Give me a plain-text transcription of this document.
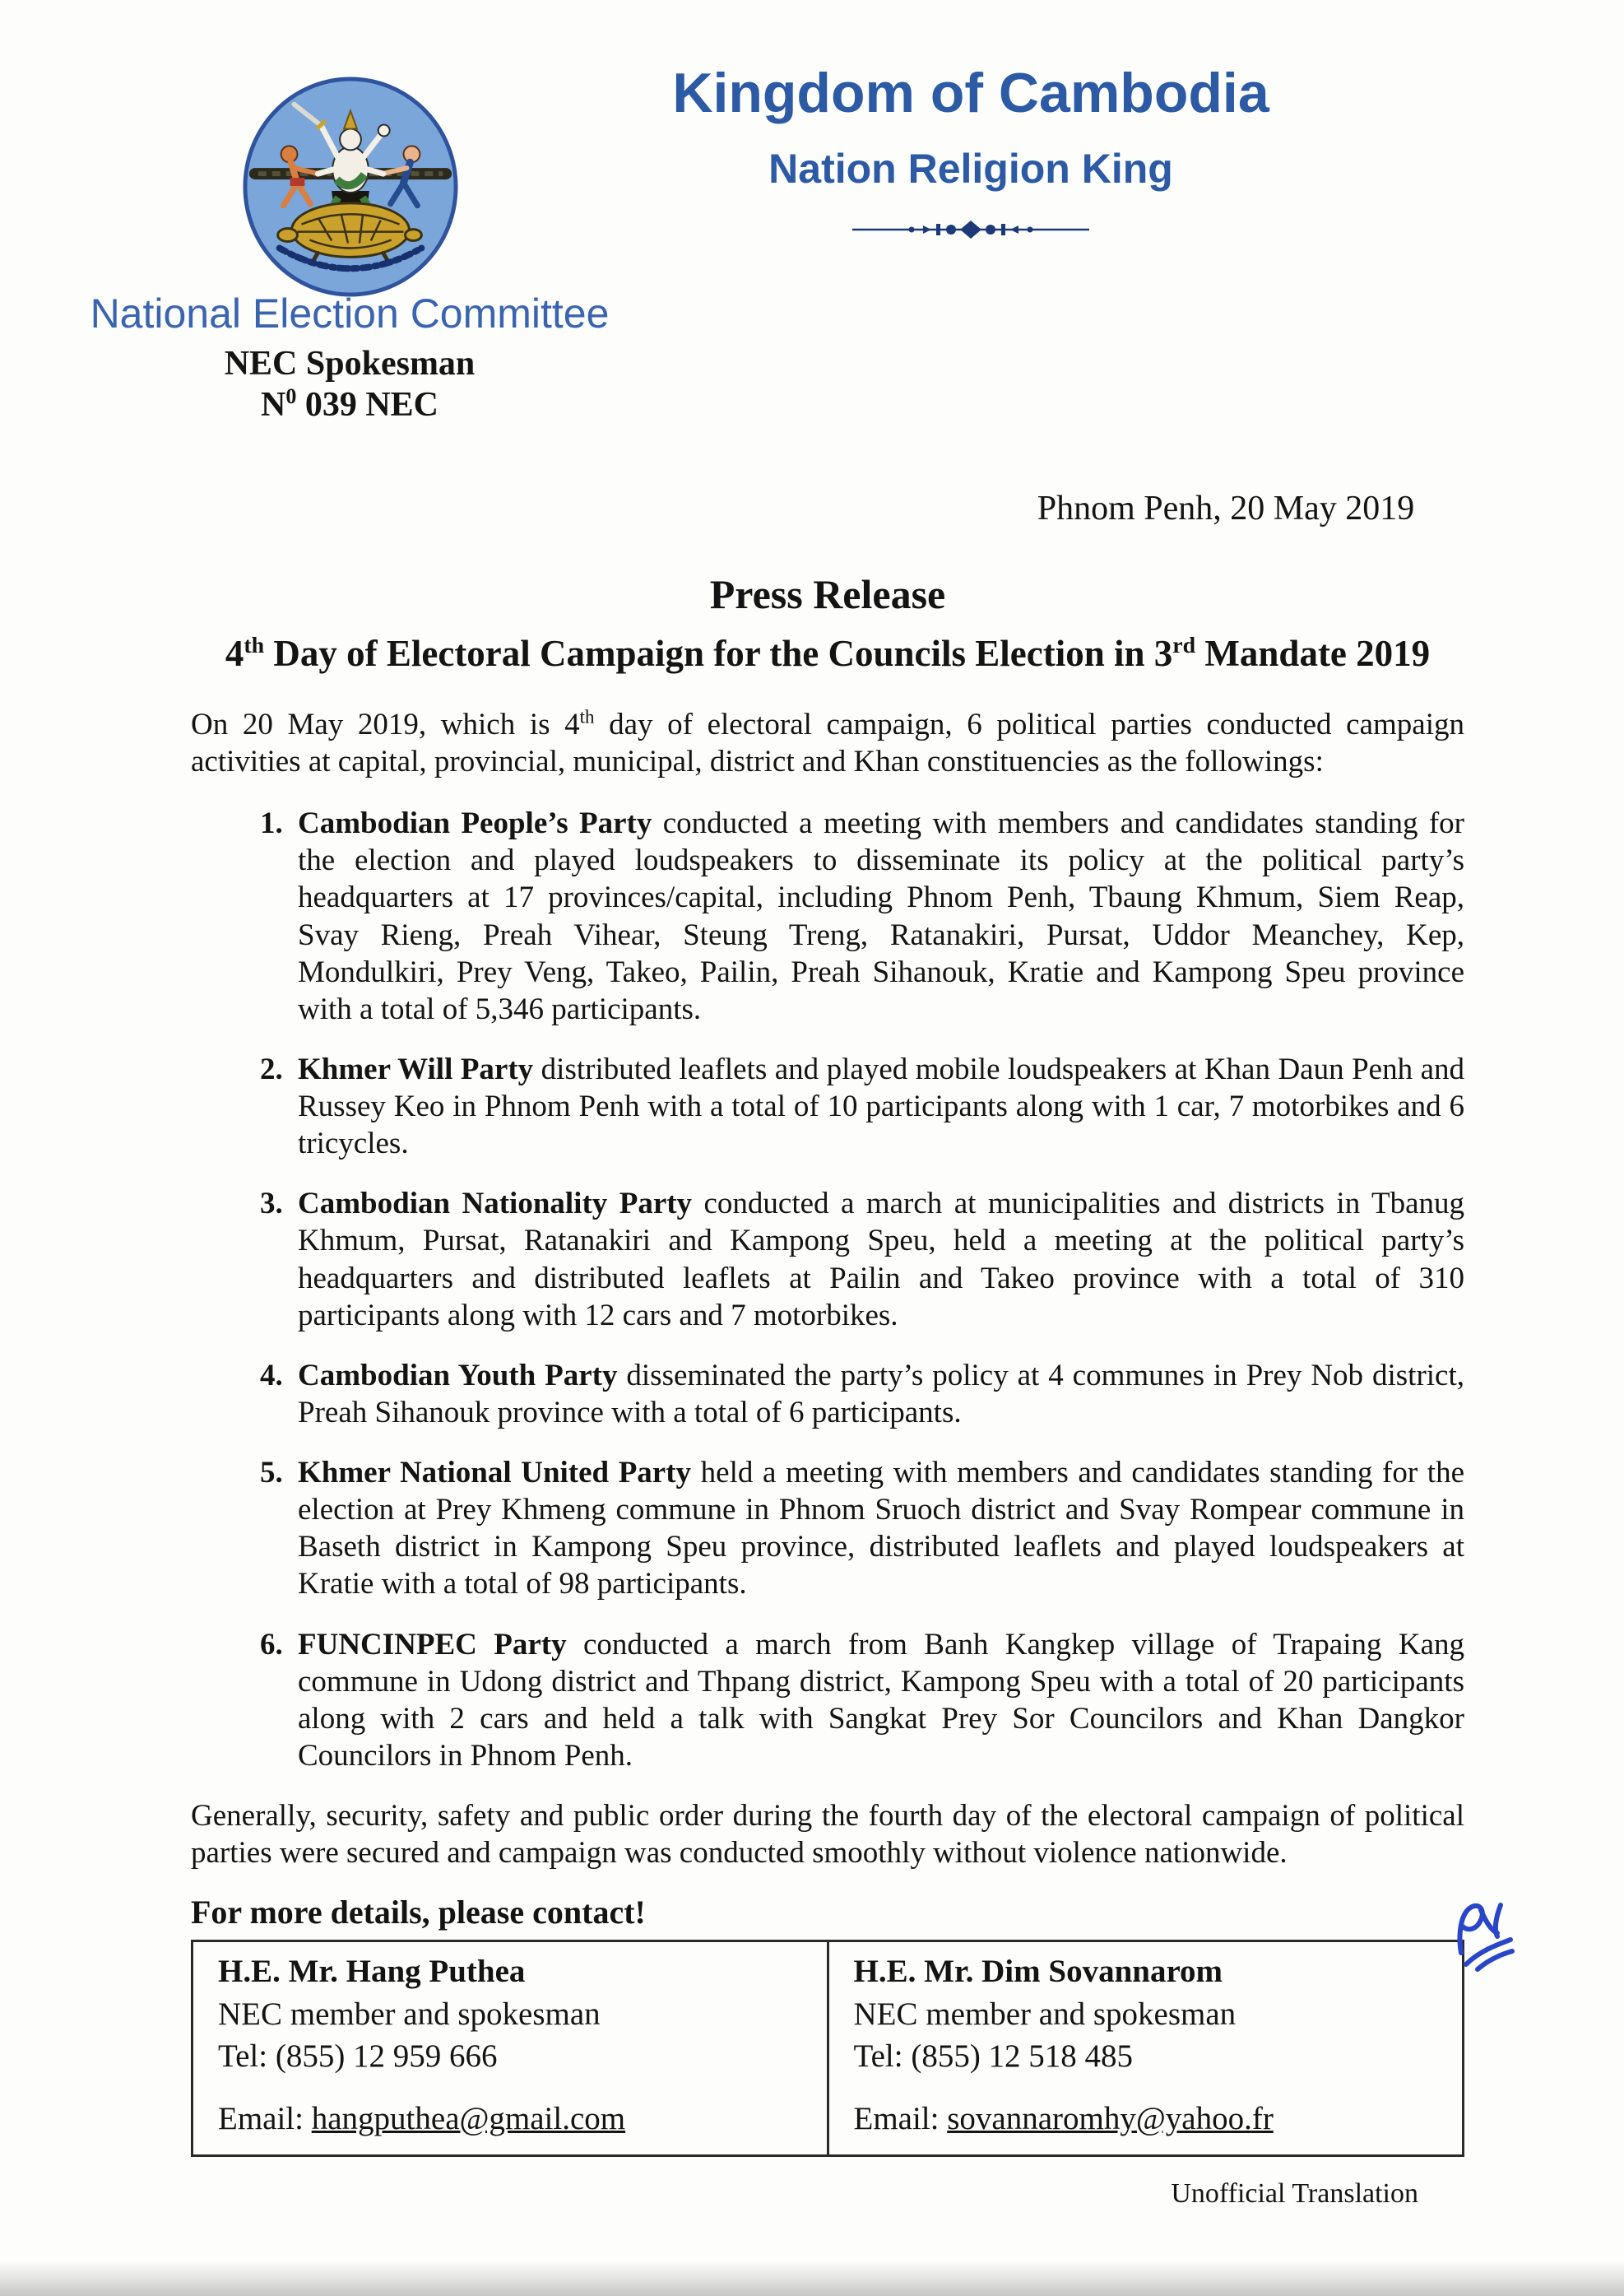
Kingdom of Cambodia
Nation Religion King
National Election Committee
NEC Spokesman
$N^0$ 039 NEC
Phnom Penh, 20 May 2019
Press Release
4th Day of Electoral Campaign for the Councils Election in 3rd Mandate 2019

On 20 May 2019, which is 4th day of electoral campaign, 6 political parties conducted campaign activities at capital, provincial, municipal, district and Khan constituencies as the followings:

1. Cambodian People’s Party conducted a meeting with members and candidates standing for the election and played loudspeakers to disseminate its policy at the political party’s headquarters at 17 provinces/capital, including Phnom Penh, Tbaung Khmum, Siem Reap, Svay Rieng, Preah Vihear, Steung Treng, Ratanakiri, Pursat, Uddor Meanchey, Kep, Mondulkiri, Prey Veng, Takeo, Pailin, Preah Sihanouk, Kratie and Kampong Speu province with a total of 5,346 participants.
2. Khmer Will Party distributed leaflets and played mobile loudspeakers at Khan Daun Penh and Russey Keo in Phnom Penh with a total of 10 participants along with 1 car, 7 motorbikes and 6 tricycles.
3. Cambodian Nationality Party conducted a march at municipalities and districts in Tbanug Khmum, Pursat, Ratanakiri and Kampong Speu, held a meeting at the political party’s headquarters and distributed leaflets at Pailin and Takeo province with a total of 310 participants along with 12 cars and 7 motorbikes.
4. Cambodian Youth Party disseminated the party’s policy at 4 communes in Prey Nob district, Preah Sihanouk province with a total of 6 participants.
5. Khmer National United Party held a meeting with members and candidates standing for the election at Prey Khmeng commune in Phnom Sruoch district and Svay Rompear commune in Baseth district in Kampong Speu province, distributed leaflets and played loudspeakers at Kratie with a total of 98 participants.
6. FUNCINPEC Party conducted a march from Banh Kangkep village of Trapaing Kang commune in Udong district and Thpang district, Kampong Speu with a total of 20 participants along with 2 cars and held a talk with Sangkat Prey Sor Councilors and Khan Dangkor Councilors in Phnom Penh.

Generally, security, safety and public order during the fourth day of the electoral campaign of political parties were secured and campaign was conducted smoothly without violence nationwide.

For more details, please contact!

H.E. Mr. Hang Puthea
NEC member and spokesman
Tel: (855) 12 959 666
Email: hangputhea@gmail.com

H.E. Mr. Dim Sovannarom
NEC member and spokesman
Tel: (855) 12 518 485
Email: sovannaromhy@yahoo.fr
Unofficial Translation
